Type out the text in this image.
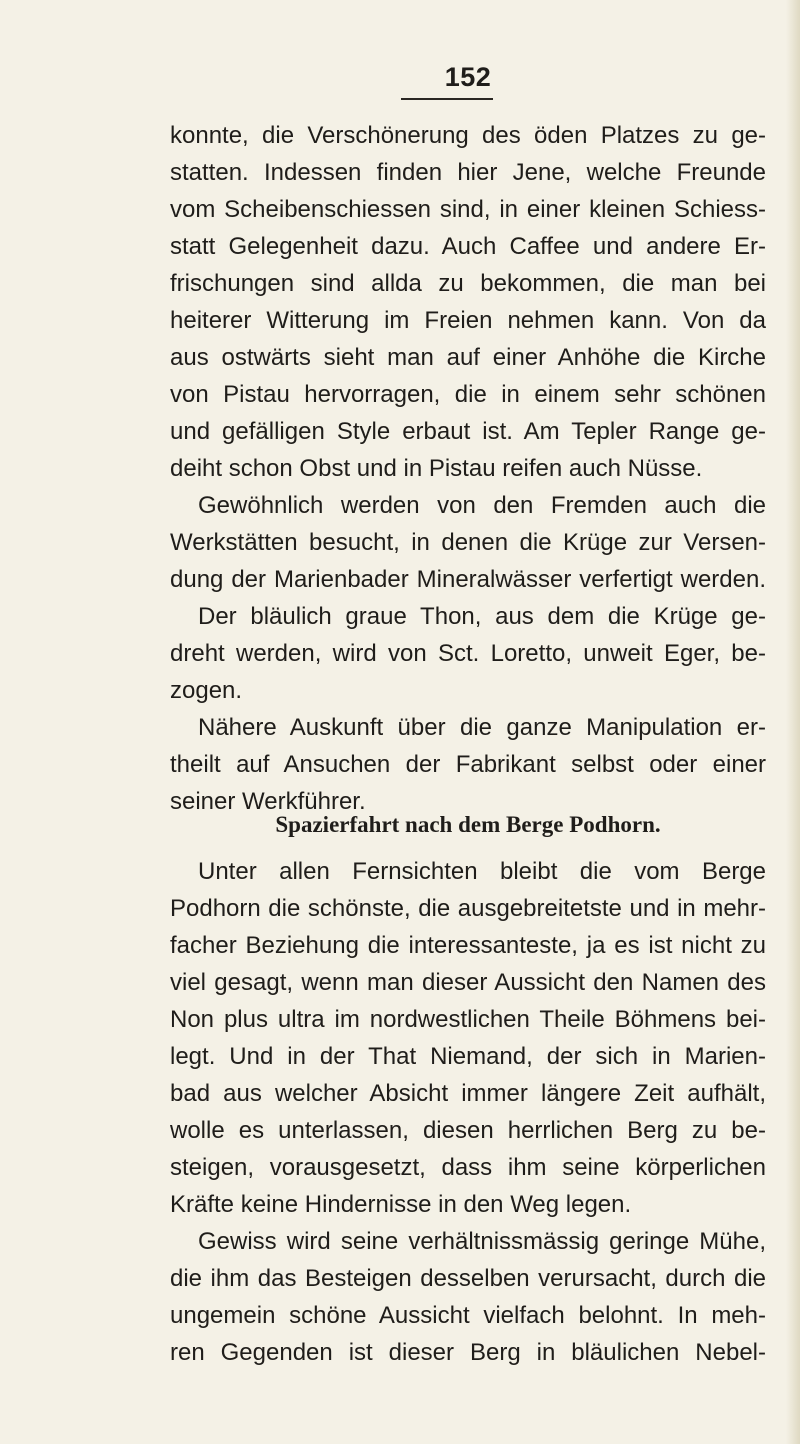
152
konnte, die Verschönerung des öden Platzes zu ge-
statten. Indessen finden hier Jene, welche Freunde
vom Scheibenschiessen sind, in einer kleinen Schiess-
statt Gelegenheit dazu. Auch Caffee und andere Er-
frischungen sind allda zu bekommen, die man bei
heiterer Witterung im Freien nehmen kann. Von da
aus ostwärts sieht man auf einer Anhöhe die Kirche
von Pistau hervorragen, die in einem sehr schönen
und gefälligen Style erbaut ist. Am Tepler Range ge-
deiht schon Obst und in Pistau reifen auch Nüsse.
Gewöhnlich werden von den Fremden auch die
Werkstätten besucht, in denen die Krüge zur Versen-
dung der Marienbader Mineralwässer verfertigt werden.
Der bläulich graue Thon, aus dem die Krüge ge-
dreht werden, wird von Sct. Loretto, unweit Eger, be-
zogen.
Nähere Auskunft über die ganze Manipulation er-
theilt auf Ansuchen der Fabrikant selbst oder einer
seiner Werkführer.
Spazierfahrt nach dem Berge Podhorn.
Unter allen Fernsichten bleibt die vom Berge
Podhorn die schönste, die ausgebreitetste und in mehr-
facher Beziehung die interessanteste, ja es ist nicht zu
viel gesagt, wenn man dieser Aussicht den Namen des
Non plus ultra im nordwestlichen Theile Böhmens bei-
legt. Und in der That Niemand, der sich in Marien-
bad aus welcher Absicht immer längere Zeit aufhält,
wolle es unterlassen, diesen herrlichen Berg zu be-
steigen, vorausgesetzt, dass ihm seine körperlichen
Kräfte keine Hindernisse in den Weg legen.
Gewiss wird seine verhältnissmässig geringe Mühe,
die ihm das Besteigen desselben verursacht, durch die
ungemein schöne Aussicht vielfach belohnt. In meh-
ren Gegenden ist dieser Berg in bläulichen Nebel-
